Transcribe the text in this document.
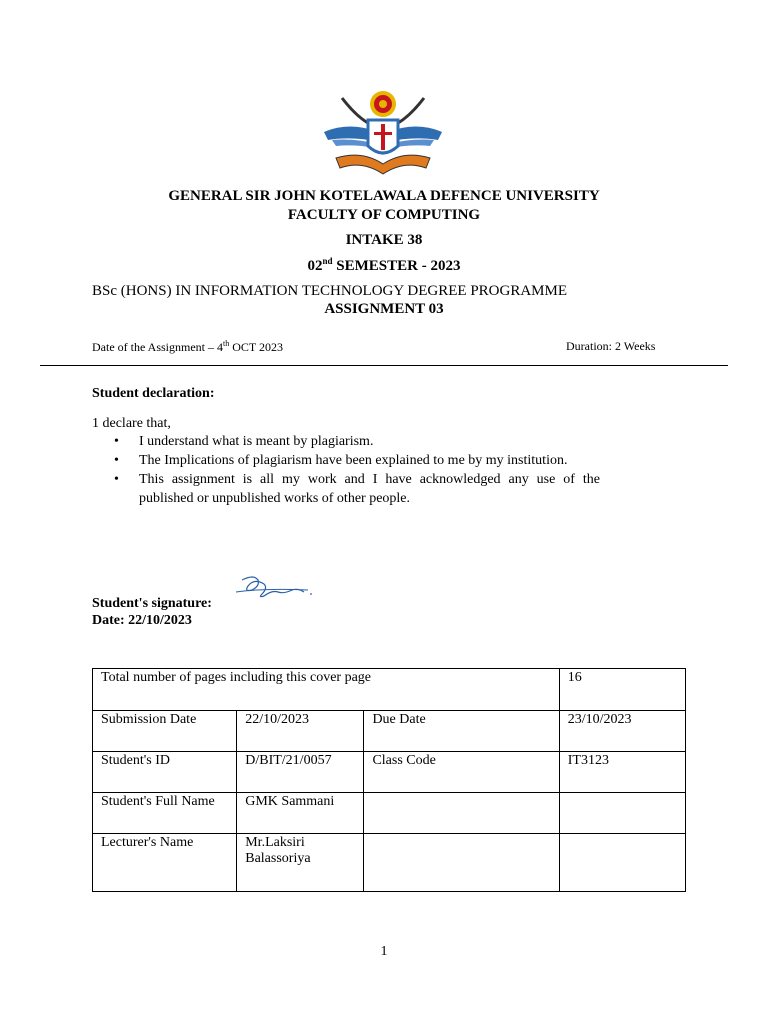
GENERAL SIR JOHN KOTELAWALA DEFENCE UNIVERSITY
FACULTY OF COMPUTING
INTAKE 38
02nd SEMESTER - 2023
BSc (HONS) IN INFORMATION TECHNOLOGY DEGREE PROGRAMME
ASSIGNMENT 03
Date of the Assignment – 4th OCT 2023	Duration: 2 Weeks
Student declaration:
1 declare that,
• I understand what is meant by plagiarism.
• The Implications of plagiarism have been explained to me by my institution.
• This assignment is all my work and I have acknowledged any use of the published or unpublished works of other people.
Student's signature:
Date: 22/10/2023
Total number of pages including this cover page			16
Submission Date	22/10/2023	Due Date	23/10/2023
Student's ID	D/BIT/21/0057	Class Code	IT3123
Student's Full Name	GMK Sammani		
Lecturer's Name	Mr.Laksiri
Balassoriya		

1
